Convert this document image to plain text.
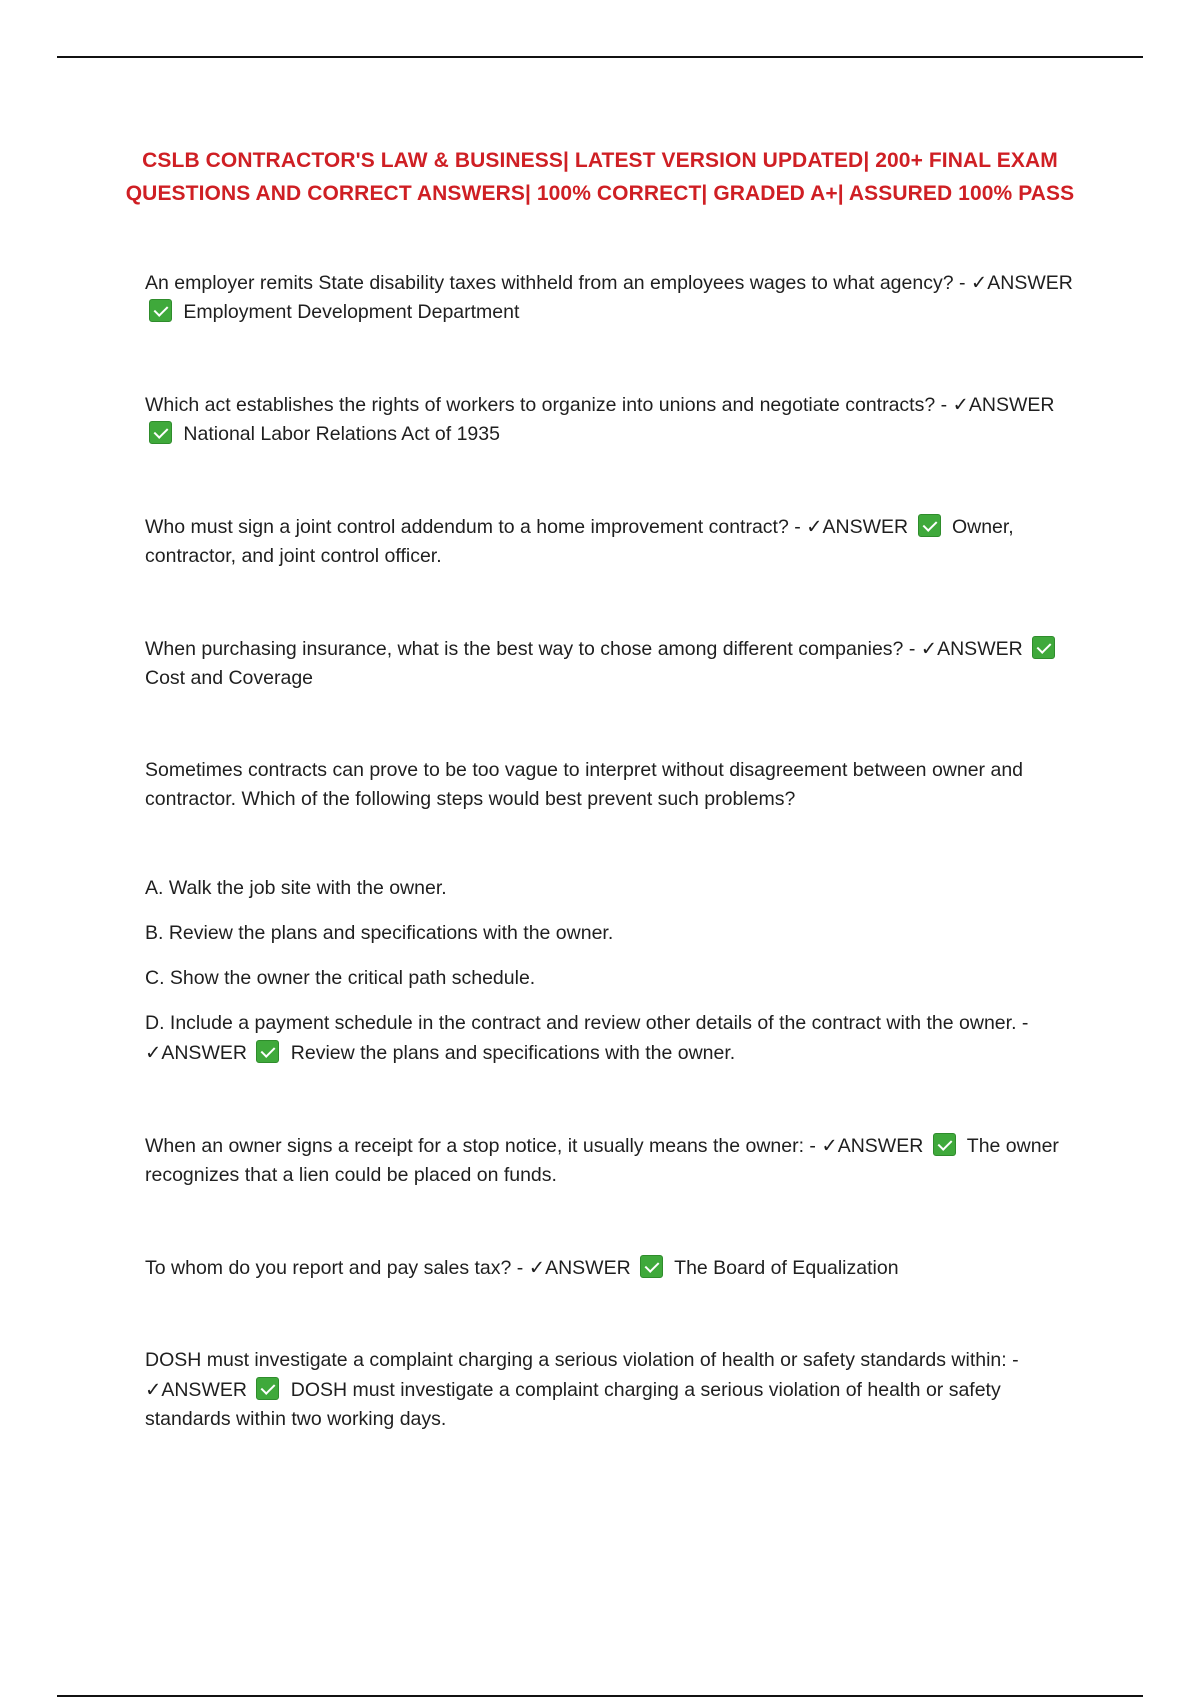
CSLB CONTRACTOR'S LAW & BUSINESS| LATEST VERSION UPDATED| 200+ FINAL EXAM
QUESTIONS AND CORRECT ANSWERS| 100% CORRECT| GRADED A+| ASSURED 100% PASS

An employer remits State disability taxes withheld from an employees wages to what agency? - ✓ANSWER  Employment Development Department

Which act establishes the rights of workers to organize into unions and negotiate contracts? - ✓ANSWER  National Labor Relations Act of 1935

Who must sign a joint control addendum to a home improvement contract? - ✓ANSWER Owner, contractor, and joint control officer.

When purchasing insurance, what is the best way to chose among different companies? - ✓ANSWER  Cost and Coverage

Sometimes contracts can prove to be too vague to interpret without disagreement between owner and contractor. Which of the following steps would best prevent such problems?

A. Walk the job site with the owner.

B. Review the plans and specifications with the owner.

C. Show the owner the critical path schedule.

D. Include a payment schedule in the contract and review other details of the contract with the owner. - ✓ANSWER Review the plans and specifications with the owner.

When an owner signs a receipt for a stop notice, it usually means the owner: - ✓ANSWER The owner recognizes that a lien could be placed on funds.

To whom do you report and pay sales tax? - ✓ANSWER The Board of Equalization

DOSH must investigate a complaint charging a serious violation of health or safety standards within: - ✓ANSWER DOSH must investigate a complaint charging a serious violation of health or safety standards within two working days.
